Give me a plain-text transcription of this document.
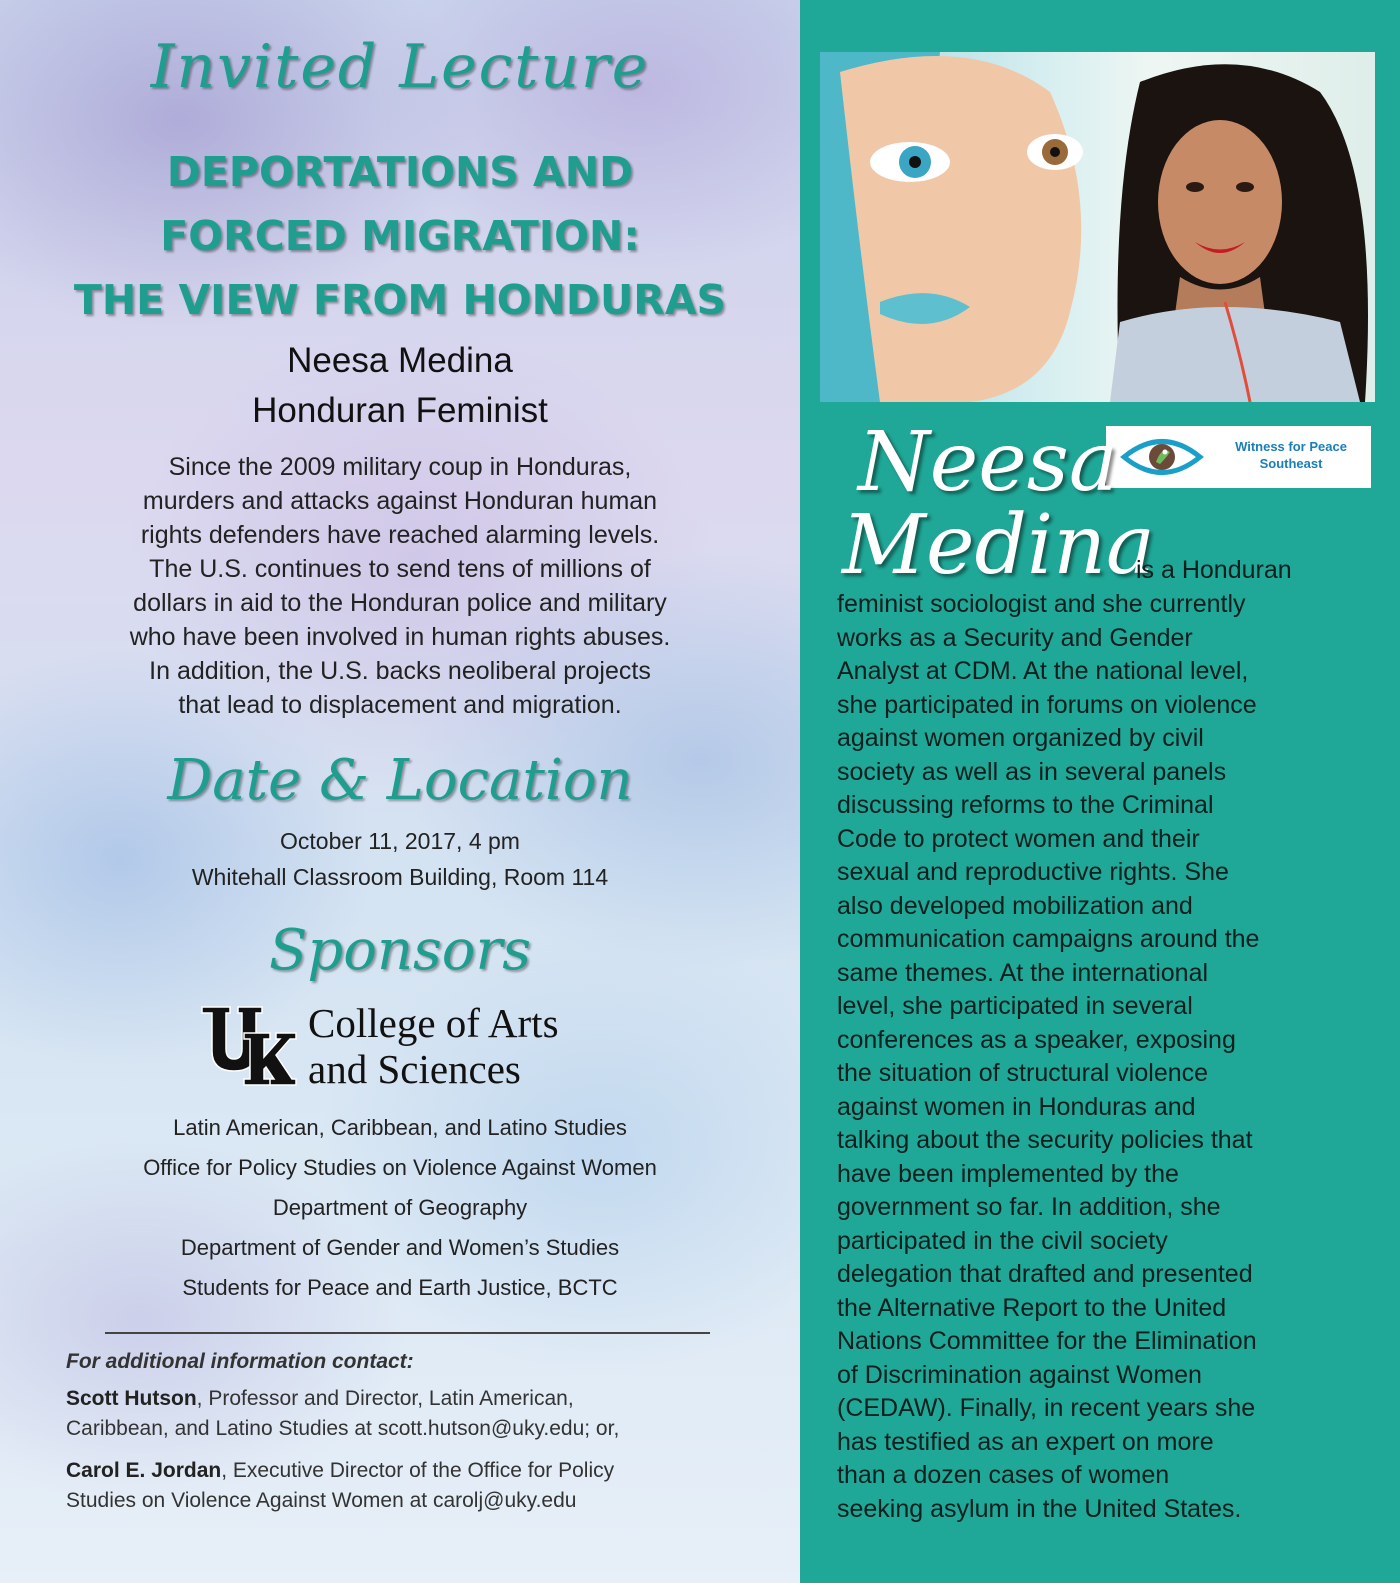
Invited Lecture
DEPORTATIONS AND
FORCED MIGRATION:
THE VIEW FROM HONDURAS
Neesa Medina
Honduran Feminist
Since the 2009 military coup in Honduras,
murders and attacks against Honduran human
rights defenders have reached alarming levels.
The U.S. continues to send tens of millions of
dollars in aid to the Honduran police and military
who have been involved in human rights abuses.
In addition, the U.S. backs neoliberal projects
that lead to displacement and migration.
Date & Location
October 11, 2017, 4 pm
Whitehall Classroom Building, Room 114
Sponsors
College of Arts
and Sciences
Latin American, Caribbean, and Latino Studies
Office for Policy Studies on Violence Against Women
Department of Geography
Department of Gender and Women’s Studies
Students for Peace and Earth Justice, BCTC
For additional information contact:
Scott Hutson, Professor and Director, Latin American,
Caribbean, and Latino Studies at scott.hutson@uky.edu; or,
Carol E. Jordan, Executive Director of the Office for Policy
Studies on Violence Against Women at carolj@uky.edu
Witness for Peace
Southeast
Neesa
Medina
is a Honduran
feminist sociologist and she currently
works as a Security and Gender
Analyst at CDM. At the national level,
she participated in forums on violence
against women organized by civil
society as well as in several panels
discussing reforms to the Criminal
Code to protect women and their
sexual and reproductive rights. She
also developed mobilization and
communication campaigns around the
same themes. At the international
level, she participated in several
conferences as a speaker, exposing
the situation of structural violence
against women in Honduras and
talking about the security policies that
have been implemented by the
government so far. In addition, she
participated in the civil society
delegation that drafted and presented
the Alternative Report to the United
Nations Committee for the Elimination
of Discrimination against Women
(CEDAW). Finally, in recent years she
has testified as an expert on more
than a dozen cases of women
seeking asylum in the United States.
